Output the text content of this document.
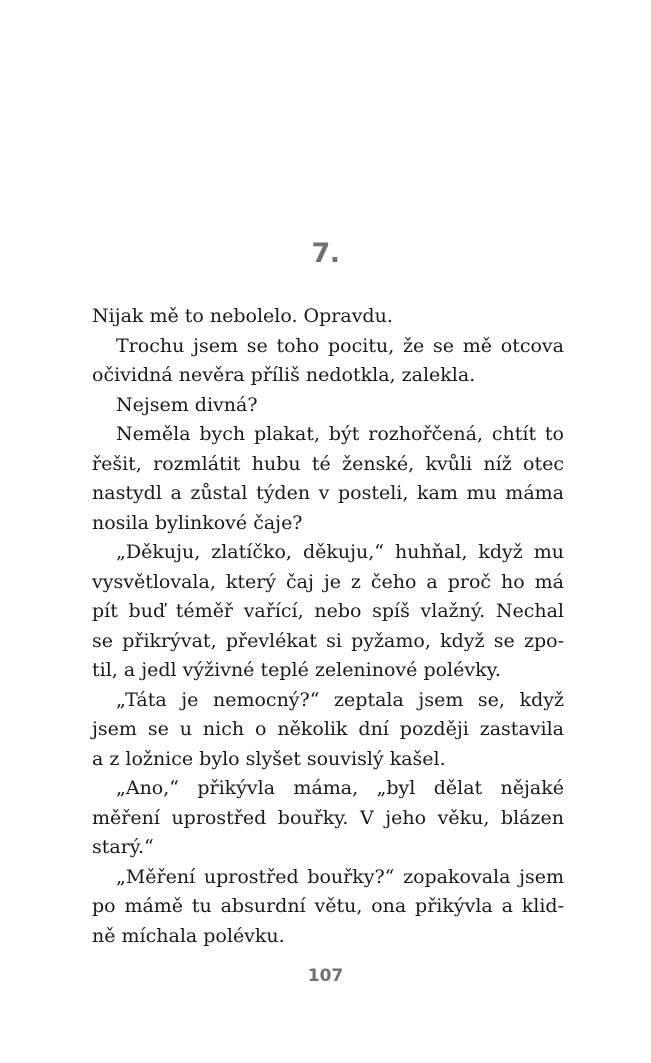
7.
Nijak mě to nebolelo. Opravdu.
Trochu jsem se toho pocitu, že se mě otcova
očividná nevěra příliš nedotkla, zalekla.
Nejsem divná?
Neměla bych plakat, být rozhořčená, chtít to
řešit, rozmlátit hubu té ženské, kvůli níž otec
nastydl a zůstal týden v posteli, kam mu máma
nosila bylinkové čaje?
„Děkuju, zlatíčko, děkuju,“ huhňal, když mu
vysvětlovala, který čaj je z čeho a proč ho má
pít buď téměř vařící, nebo spíš vlažný. Nechal
se přikrývat, převlékat si pyžamo, když se zpo-
til, a jedl výživné teplé zeleninové polévky.
„Táta je nemocný?“ zeptala jsem se, když
jsem se u nich o několik dní později zastavila
a z ložnice bylo slyšet souvislý kašel.
„Ano,“ přikývla máma, „byl dělat nějaké
měření uprostřed bouřky. V jeho věku, blázen
starý.“
„Měření uprostřed bouřky?“ zopakovala jsem
po mámě tu absurdní větu, ona přikývla a klid-
ně míchala polévku.
107
